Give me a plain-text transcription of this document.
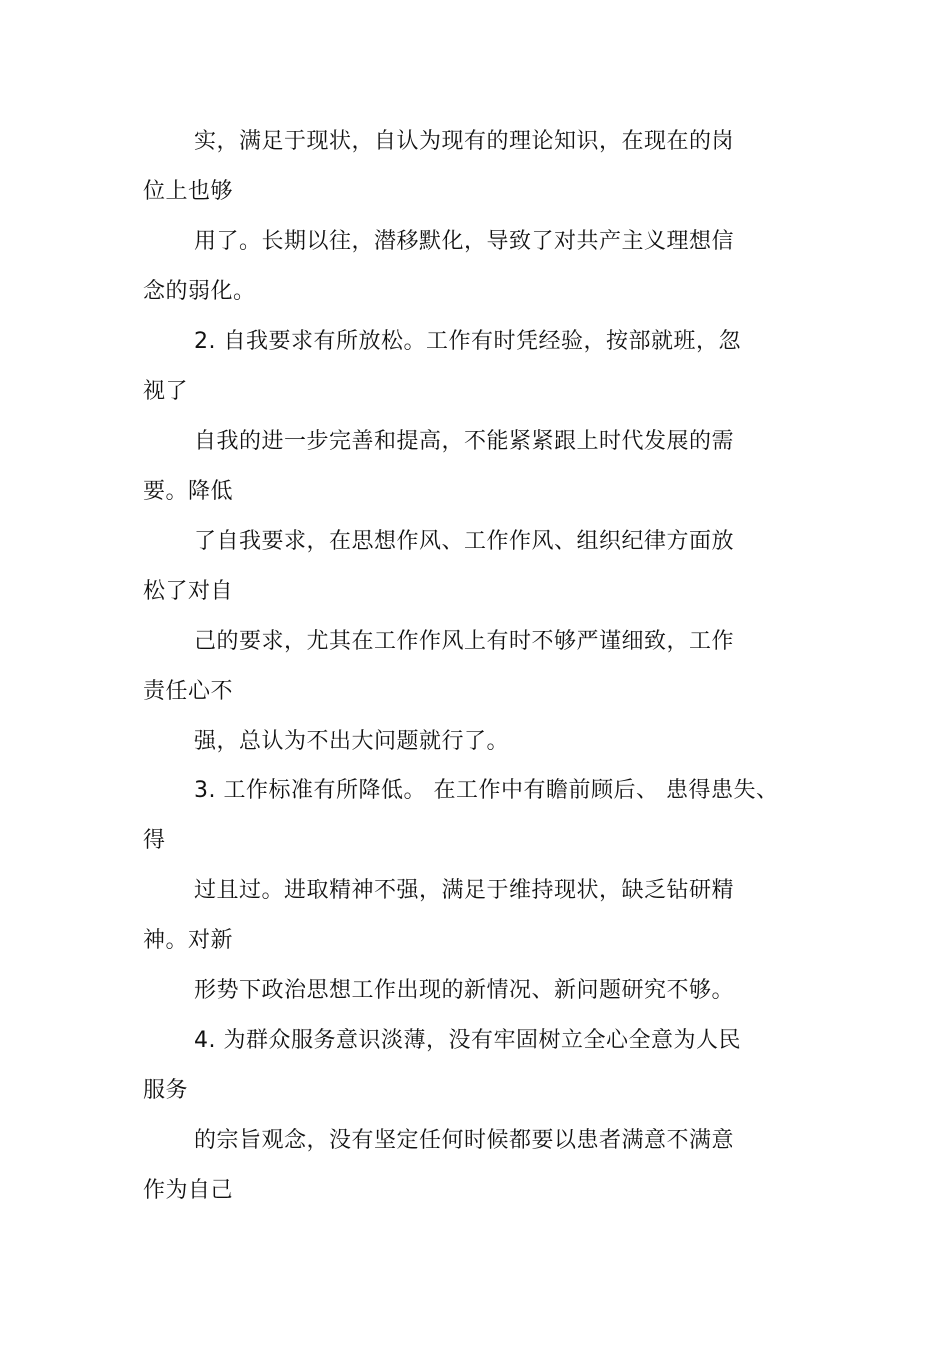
实，满足于现状，自认为现有的理论知识，在现在的岗
位上也够
用了。长期以往，潜移默化，导致了对共产主义理想信
念的弱化。
2. 自我要求有所放松。工作有时凭经验，按部就班，忽
视了
自我的进一步完善和提高，不能紧紧跟上时代发展的需
要。降低
了自我要求，在思想作风、工作作风、组织纪律方面放
松了对自
己的要求，尤其在工作作风上有时不够严谨细致，工作
责任心不
强，总认为不出大问题就行了。
3. 工作标准有所降低。 在工作中有瞻前顾后、 患得患失、
得
过且过。进取精神不强，满足于维持现状，缺乏钻研精
神。对新
形势下政治思想工作出现的新情况、新问题研究不够。
4. 为群众服务意识淡薄，没有牢固树立全心全意为人民
服务
的宗旨观念，没有坚定任何时候都要以患者满意不满意
作为自己
